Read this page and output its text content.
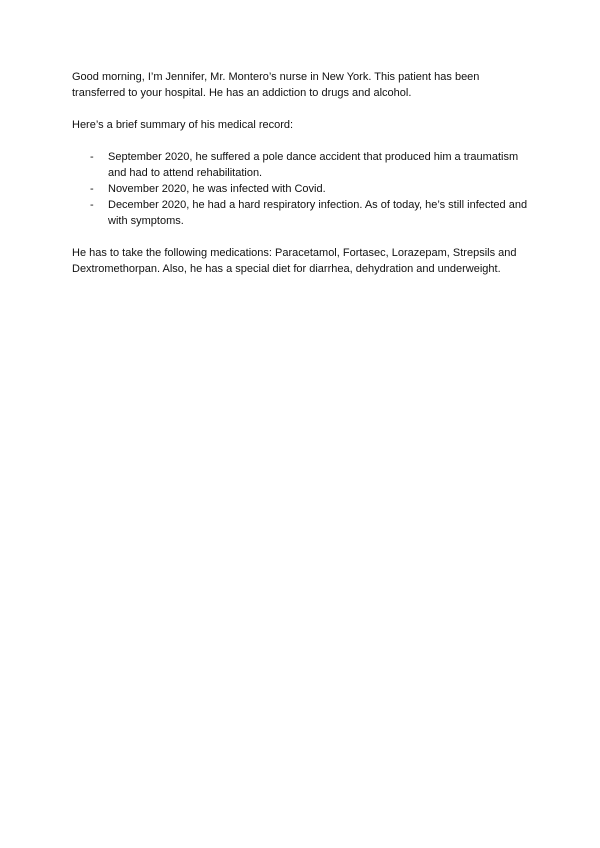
Good morning, I’m Jennifer, Mr. Montero’s nurse in New York. This patient has been transferred to your hospital. He has an addiction to drugs and alcohol.

Here’s a brief summary of his medical record:

- September 2020, he suffered a pole dance accident that produced him a traumatism and had to attend rehabilitation.
- November 2020, he was infected with Covid.
- December 2020, he had a hard respiratory infection. As of today, he’s still infected and with symptoms.

He has to take the following medications: Paracetamol, Fortasec, Lorazepam, Strepsils and Dextromethorpan. Also, he has a special diet for diarrhea, dehydration and underweight.
